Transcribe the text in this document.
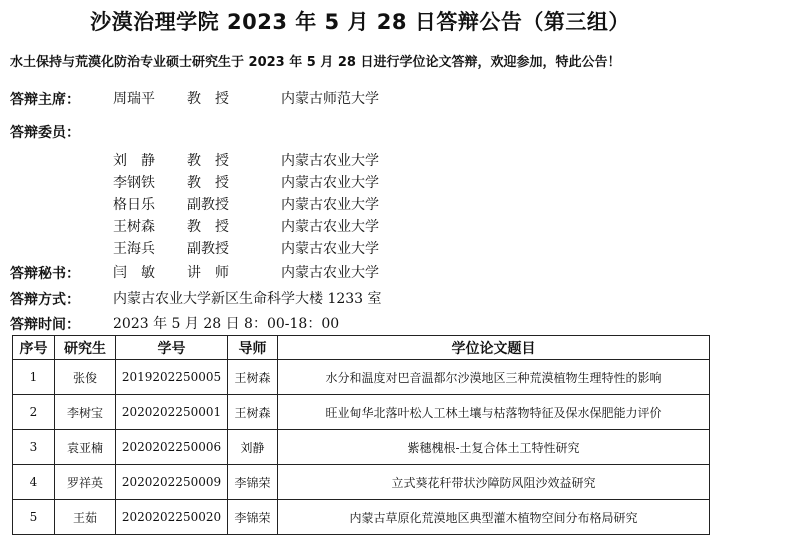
沙漠治理学院 2023 年 5 月 28 日答辩公告（第三组）
水土保持与荒漠化防治专业硕士研究生于 2023 年 5 月 28 日进行学位论文答辩，欢迎参加，特此公告！
答辩主席： 周瑞平 教　授	内蒙古师范大学
答辩委员：
刘　静 教　授	内蒙古农业大学
李钢铁 教　授	内蒙古农业大学
格日乐 副教授	内蒙古农业大学
王树森 教　授	内蒙古农业大学
王海兵 副教授	内蒙古农业大学
答辩秘书： 闫　敏 讲　师	内蒙古农业大学
答辩方式： 内蒙古农业大学新区生命科学大楼 1233 室
答辩时间： 2023 年 5 月 28 日 8：00-18：00
序号	研究生	学号	导师	学位论文题目
1	张俊	2019202250005	王树森	水分和温度对巴音温都尔沙漠地区三种荒漠植物生理特性的影响
2	李树宝	2020202250001	王树森	旺业甸华北落叶松人工林土壤与枯落物特征及保水保肥能力评价
3	袁亚楠	2020202250006	刘静	紫穗槐根-土复合体土工特性研究
4	罗祥英	2020202250009	李锦荣	立式葵花秆带状沙障防风阻沙效益研究
5	王茹	2020202250020	李锦荣	内蒙古草原化荒漠地区典型灌木植物空间分布格局研究
